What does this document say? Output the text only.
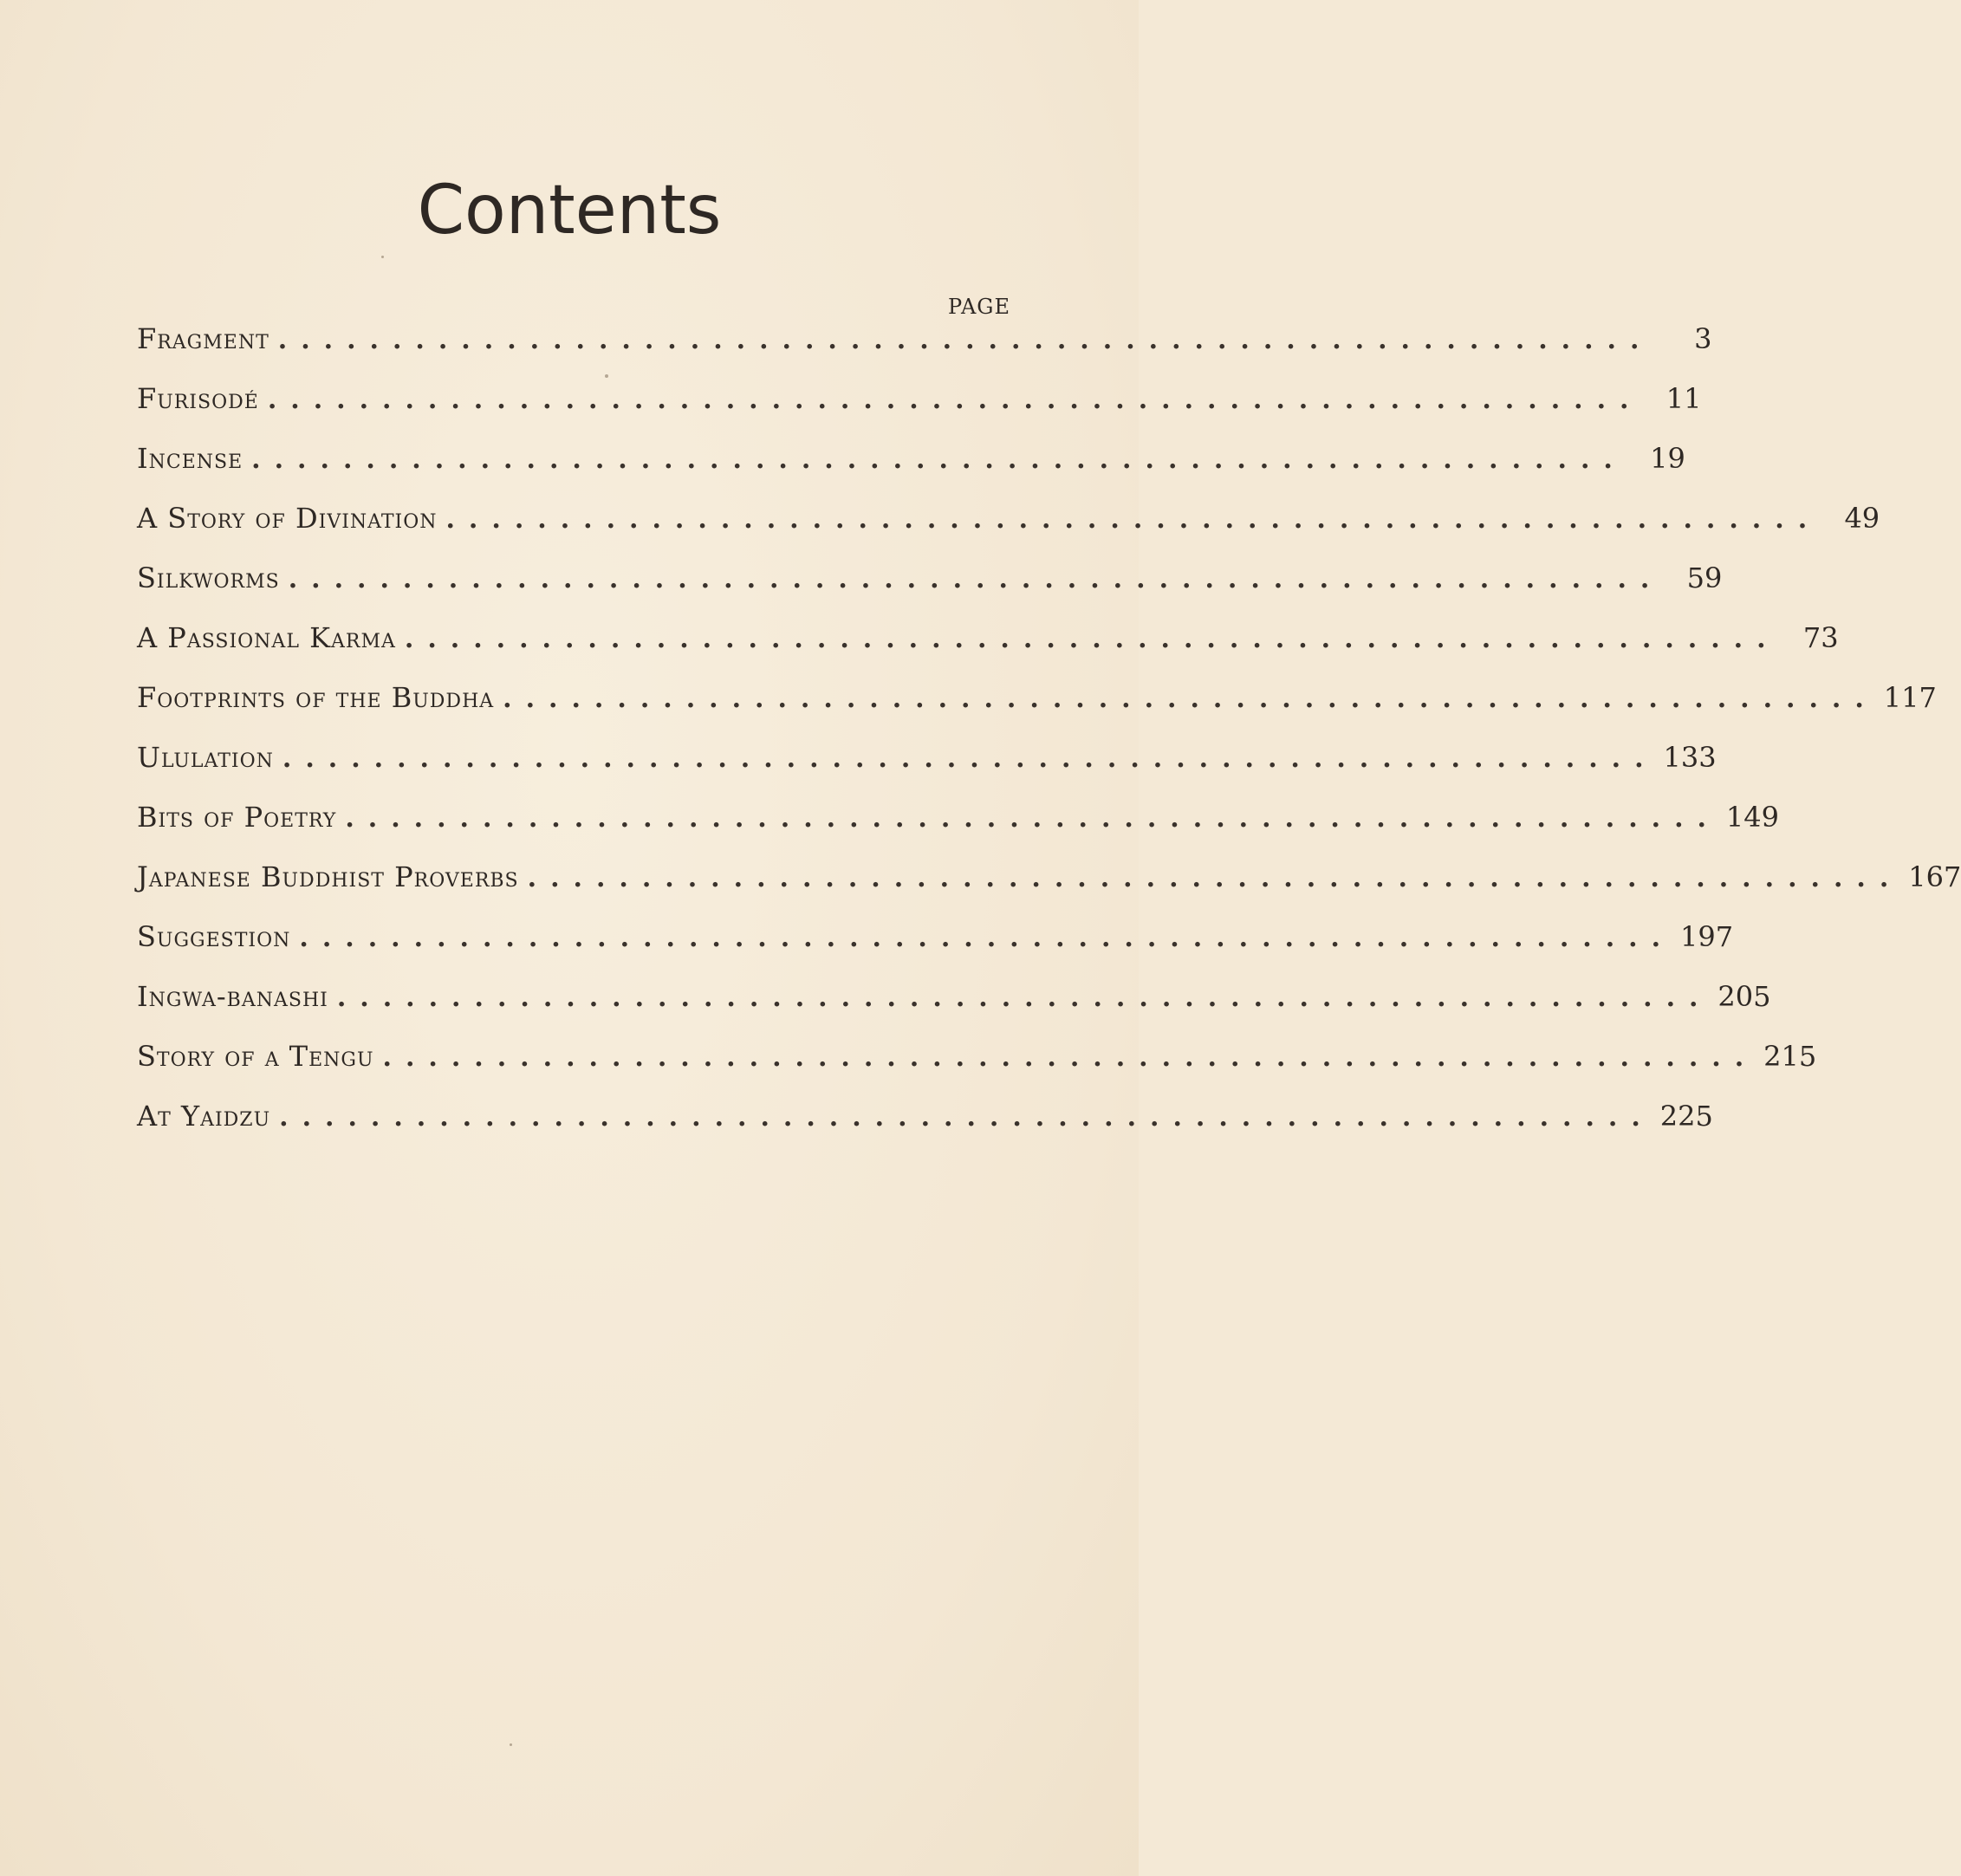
Contents
PAGE
Fragment ............................................................	3
Furisodé ............................................................ 11
Incense ............................................................ 19
A Story of Divination ............................................................ 49
Silkworms ............................................................ 59
A Passional Karma ............................................................ 73
Footprints of the Buddha ............................................................ 117
Ululation ............................................................ 133
Bits of Poetry ............................................................ 149
Japanese Buddhist Proverbs ............................................................ 167
Suggestion ............................................................ 197
Ingwa-banashi ............................................................ 205
Story of a Tengu ............................................................ 215
At Yaidzu ............................................................ 225
